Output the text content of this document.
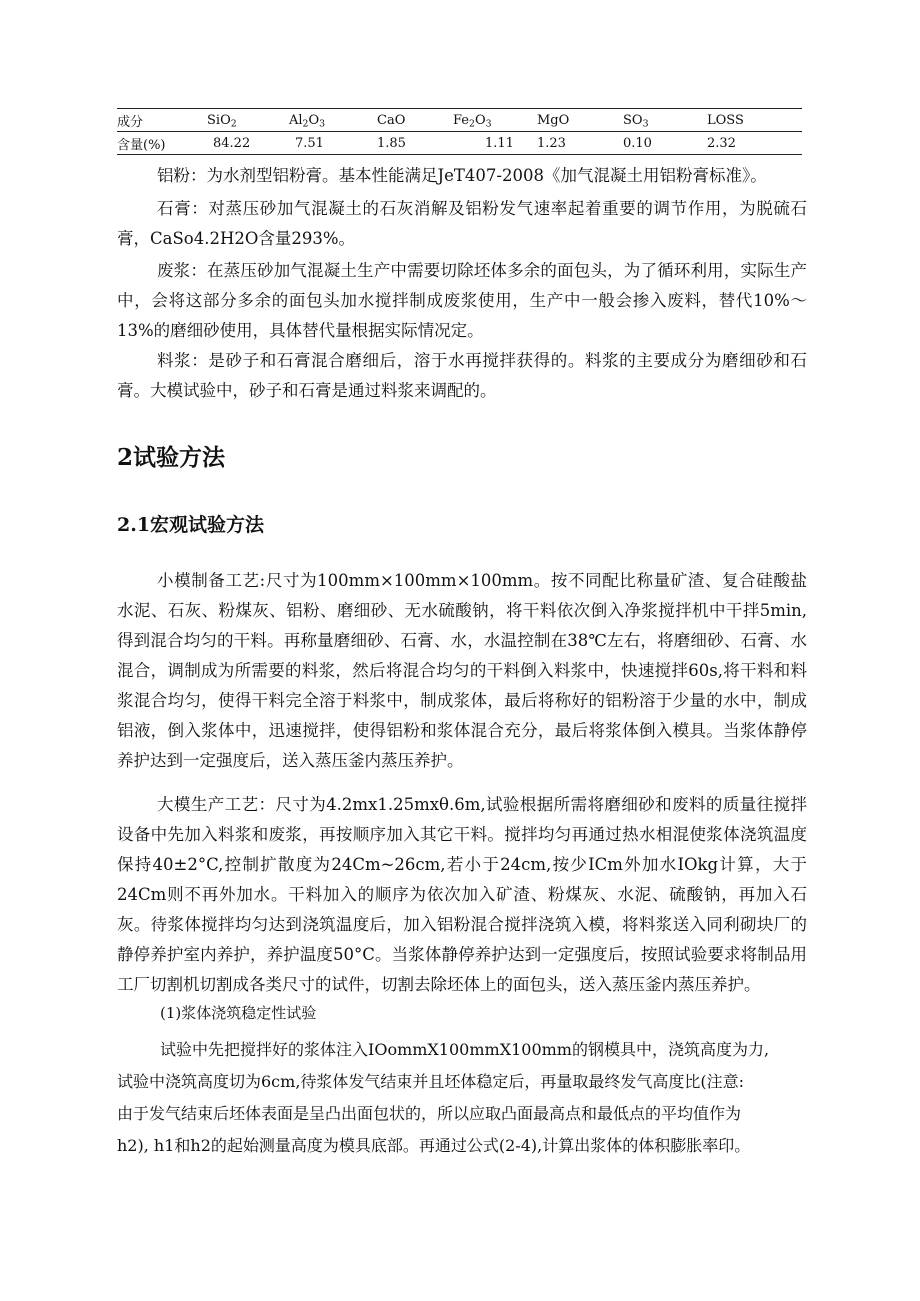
成分	SiO$_2$	$Al_2O_3$	CaO	$Fe_2O_3$	MgO	$SO_3$	LOSS
含量(%)	84.22	7.51	1.85	1.11	1.23	0.10	2.32

铝粉：为水剂型铝粉膏。基本性能满足JeT407-2008《加气混凝土用铝粉膏标准》。

石膏：对蒸压砂加气混凝土的石灰消解及铝粉发气速率起着重要的调节作用，为脱硫石膏，CaSo4.2H2O含量293%。

废浆：在蒸压砂加气混凝土生产中需要切除坯体多余的面包头，为了循环利用，实际生产中，会将这部分多余的面包头加水搅拌制成废浆使用，生产中一般会掺入废料，替代10%～13%的磨细砂使用，具体替代量根据实际情况定。

料浆：是砂子和石膏混合磨细后，溶于水再搅拌获得的。料浆的主要成分为磨细砂和石膏。大模试验中，砂子和石膏是通过料浆来调配的。

2试验方法
2.1宏观试验方法

小模制备工艺:尺寸为100mm×100mm×100mm。按不同配比称量矿渣、复合硅酸盐水泥、石灰、粉煤灰、铝粉、磨细砂、无水硫酸钠，将干料依次倒入净浆搅拌机中干拌5min,得到混合均匀的干料。再称量磨细砂、石膏、水，水温控制在38℃左右，将磨细砂、石膏、水混合，调制成为所需要的料浆，然后将混合均匀的干料倒入料浆中，快速搅拌60s,将干料和料浆混合均匀，使得干料完全溶于料浆中，制成浆体，最后将称好的铝粉溶于少量的水中，制成铝液，倒入浆体中，迅速搅拌，使得铝粉和浆体混合充分，最后将浆体倒入模具。当浆体静停养护达到一定强度后，送入蒸压釜内蒸压养护。

大模生产工艺：尺寸为4.2mx1.25mxθ.6m,试验根据所需将磨细砂和废料的质量往搅拌设备中先加入料浆和废浆，再按顺序加入其它干料。搅拌均匀再通过热水相混使浆体浇筑温度保持40±2°C,控制扩散度为24Cm~26cm,若小于24cm,按少ICm外加水IOkg计算，大于24Cm则不再外加水。干料加入的顺序为依次加入矿渣、粉煤灰、水泥、硫酸钠，再加入石灰。待浆体搅拌均匀达到浇筑温度后，加入铝粉混合搅拌浇筑入模，将料浆送入同利砌块厂的静停养护室内养护，养护温度50°C。当浆体静停养护达到一定强度后，按照试验要求将制品用工厂切割机切割成各类尺寸的试件，切割去除坯体上的面包头，送入蒸压釜内蒸压养护。

(1)浆体浇筑稳定性试验

试验中先把搅拌好的浆体注入IOommX100mmX100mm的钢模具中，浇筑高度为力,

试验中浇筑高度切为6cm,待浆体发气结束并且坯体稳定后，再量取最终发气高度比(注意:

由于发气结束后坯体表面是呈凸出面包状的，所以应取凸面最高点和最低点的平均值作为

h2), h1和h2的起始测量高度为模具底部。再通过公式(2-4),计算出浆体的体积膨胀率印。
